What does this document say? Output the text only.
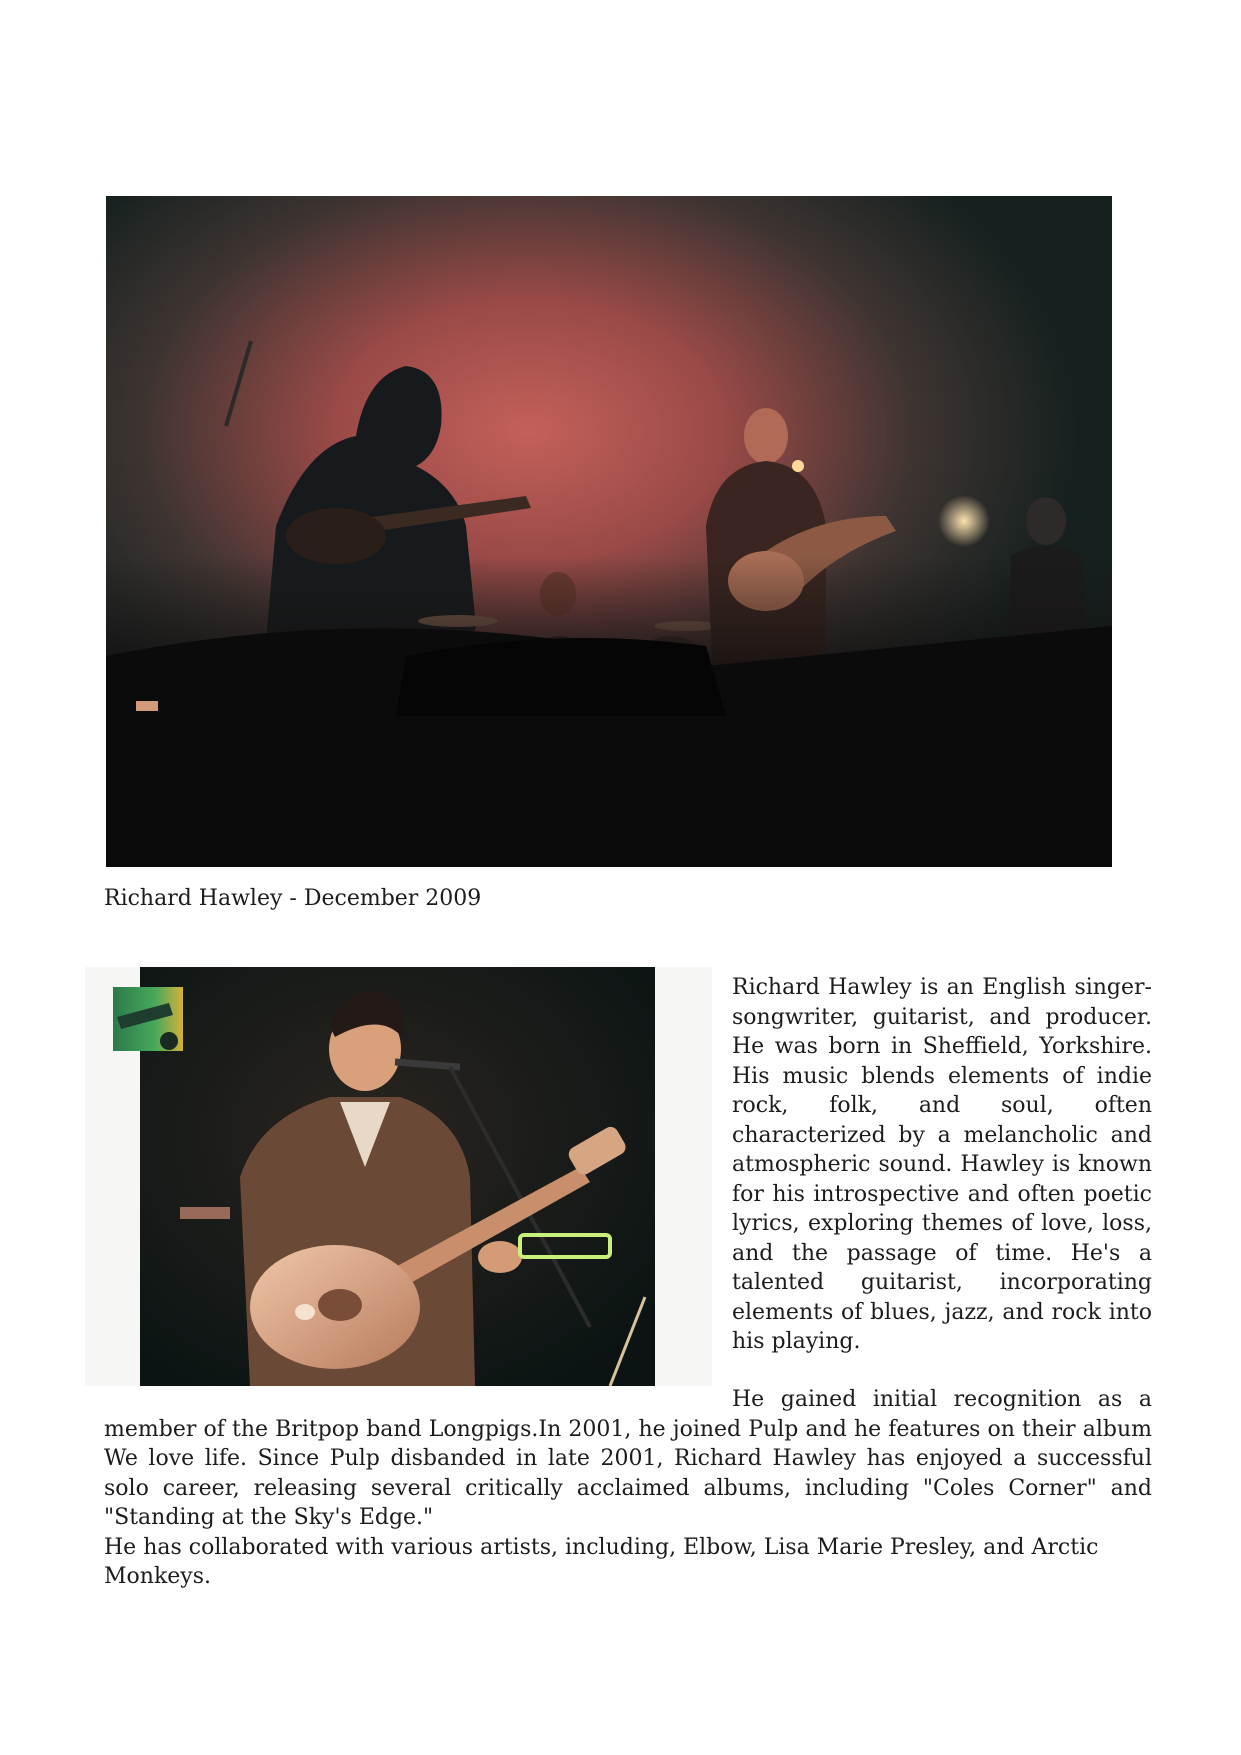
Richard Hawley - December 2009

Richard Hawley is an English singer-songwriter, guitarist, and producer. He was born in Sheffield, Yorkshire. His music blends elements of indie rock, folk, and soul, often characterized by a melancholic and atmospheric sound. Hawley is known for his introspective and often poetic lyrics, exploring themes of love, loss, and the passage of time. He's a talented guitarist, incorporating elements of blues, jazz, and rock into his playing.

He gained initial recognition as a member of the Britpop band Longpigs.In 2001, he joined Pulp and he features on their album We love life. Since Pulp disbanded in late 2001, Richard Hawley has enjoyed a successful solo career, releasing several critically acclaimed albums, including "Coles Corner" and "Standing at the Sky's Edge."

He has collaborated with various artists, including, Elbow, Lisa Marie Presley, and Arctic Monkeys.
